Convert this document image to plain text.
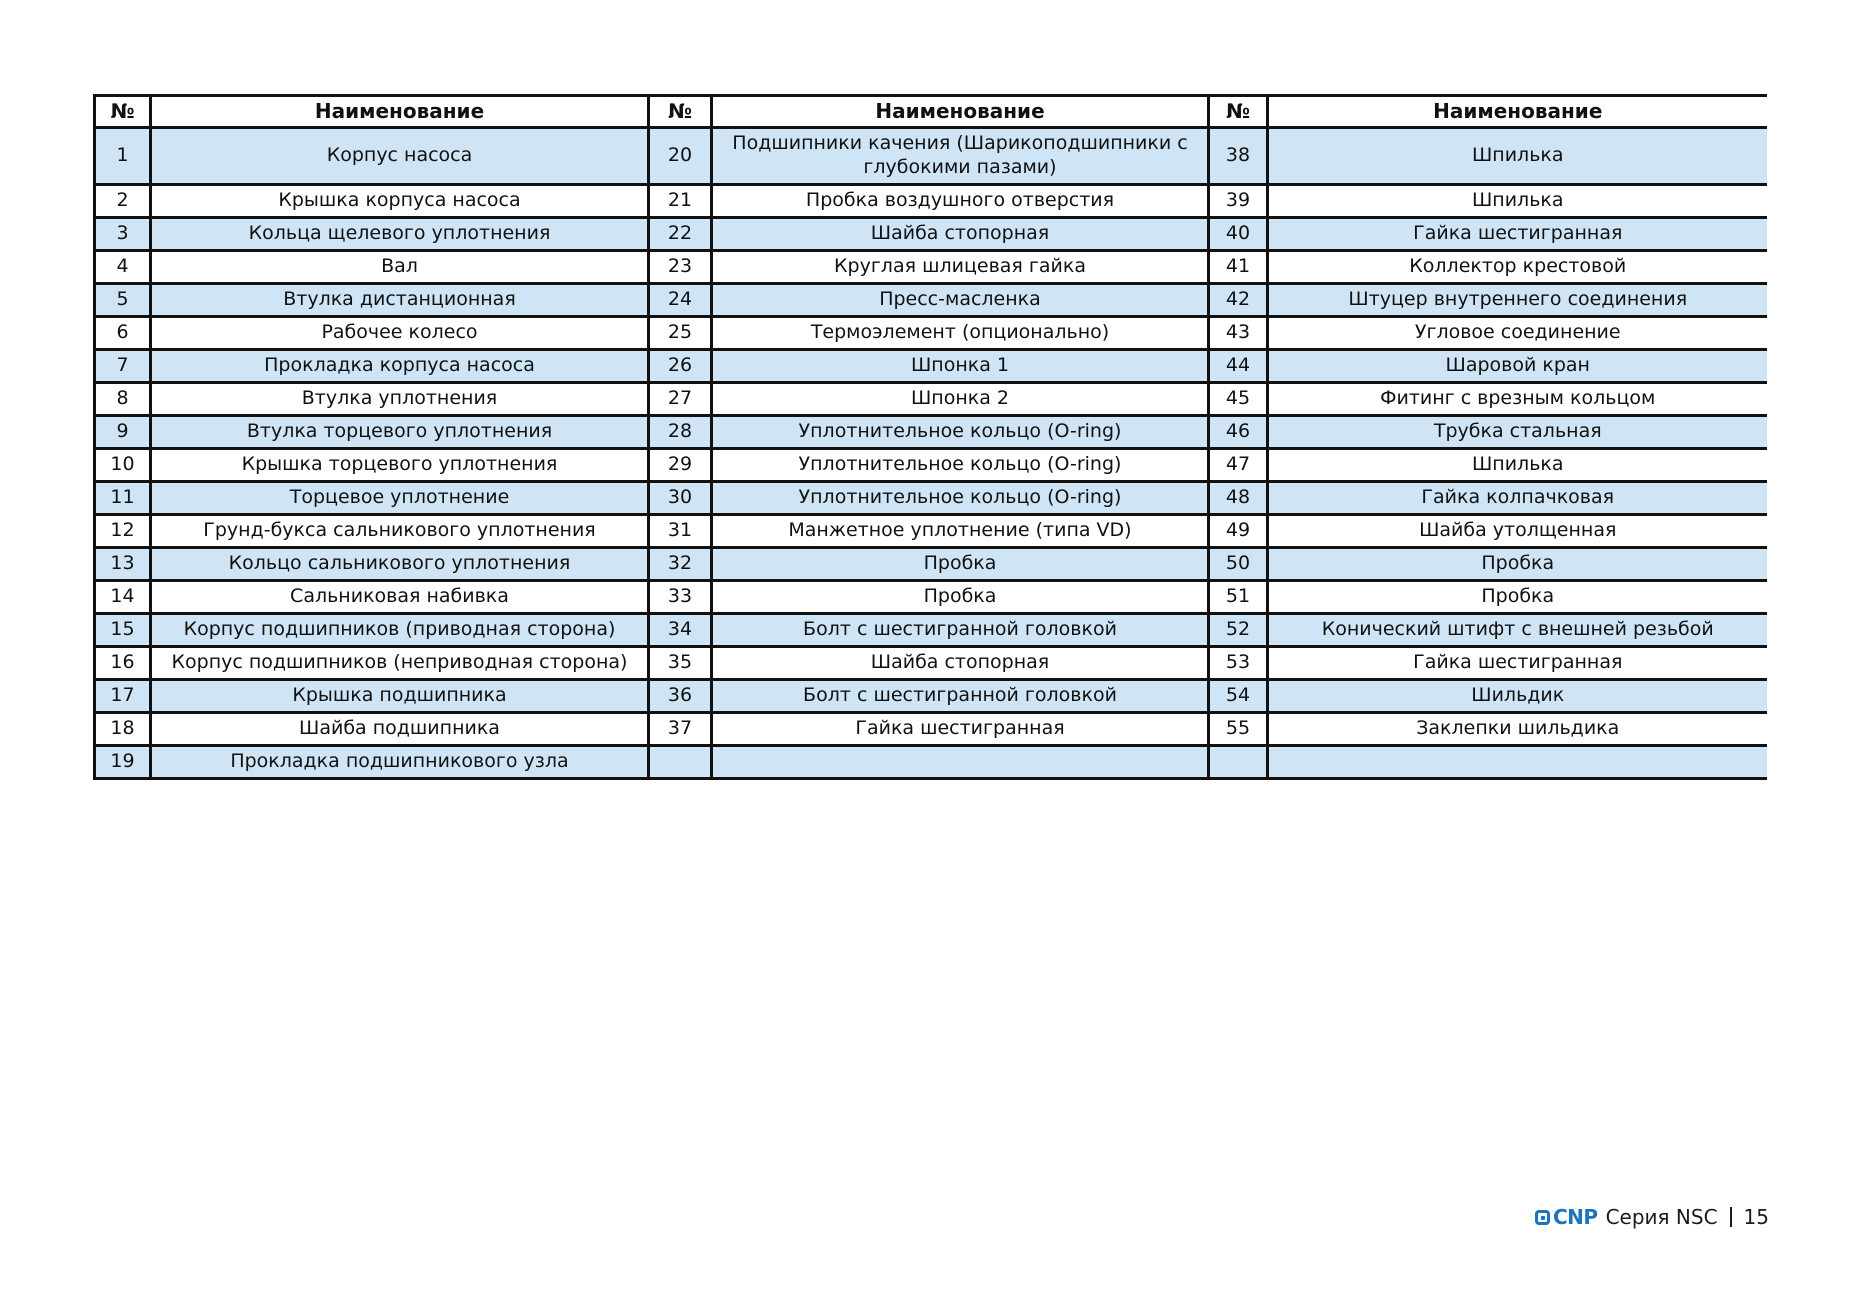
№	Наименование	№	Наименование	№	Наименование
1	Корпус насоса	20	Подшипники качения (Шарикоподшипники с глубокими пазами)	38	Шпилька
2	Крышка корпуса насоса	21	Пробка воздушного отверстия	39	Шпилька
3	Кольца щелевого уплотнения	22	Шайба стопорная	40	Гайка шестигранная
4	Вал	23	Круглая шлицевая гайка	41	Коллектор крестовой
5	Втулка дистанционная	24	Пресс-масленка	42	Штуцер внутреннего соединения
6	Рабочее колесо	25	Термоэлемент (опционально)	43	Угловое соединение
7	Прокладка корпуса насоса	26	Шпонка 1	44	Шаровой кран
8	Втулка уплотнения	27	Шпонка 2	45	Фитинг с врезным кольцом
9	Втулка торцевого уплотнения	28	Уплотнительное кольцо (O-ring)	46	Трубка стальная
10	Крышка торцевого уплотнения	29	Уплотнительное кольцо (O-ring)	47	Шпилька
11	Торцевое уплотнение	30	Уплотнительное кольцо (O-ring)	48	Гайка колпачковая
12	Грунд-букса сальникового уплотнения	31	Манжетное уплотнение (типа VD)	49	Шайба утолщенная
13	Кольцо сальникового уплотнения	32	Пробка	50	Пробка
14	Сальниковая набивка	33	Пробка	51	Пробка
15	Корпус подшипников (приводная сторона)	34	Болт с шестигранной головкой	52	Конический штифт с внешней резьбой
16	Корпус подшипников (неприводная сторона)	35	Шайба стопорная	53	Гайка шестигранная
17	Крышка подшипника	36	Болт с шестигранной головкой	54	Шильдик
18	Шайба подшипника	37	Гайка шестигранная	55	Заклепки шильдика
19	Прокладка подшипникового узла				
CNP Серия NSC 15
